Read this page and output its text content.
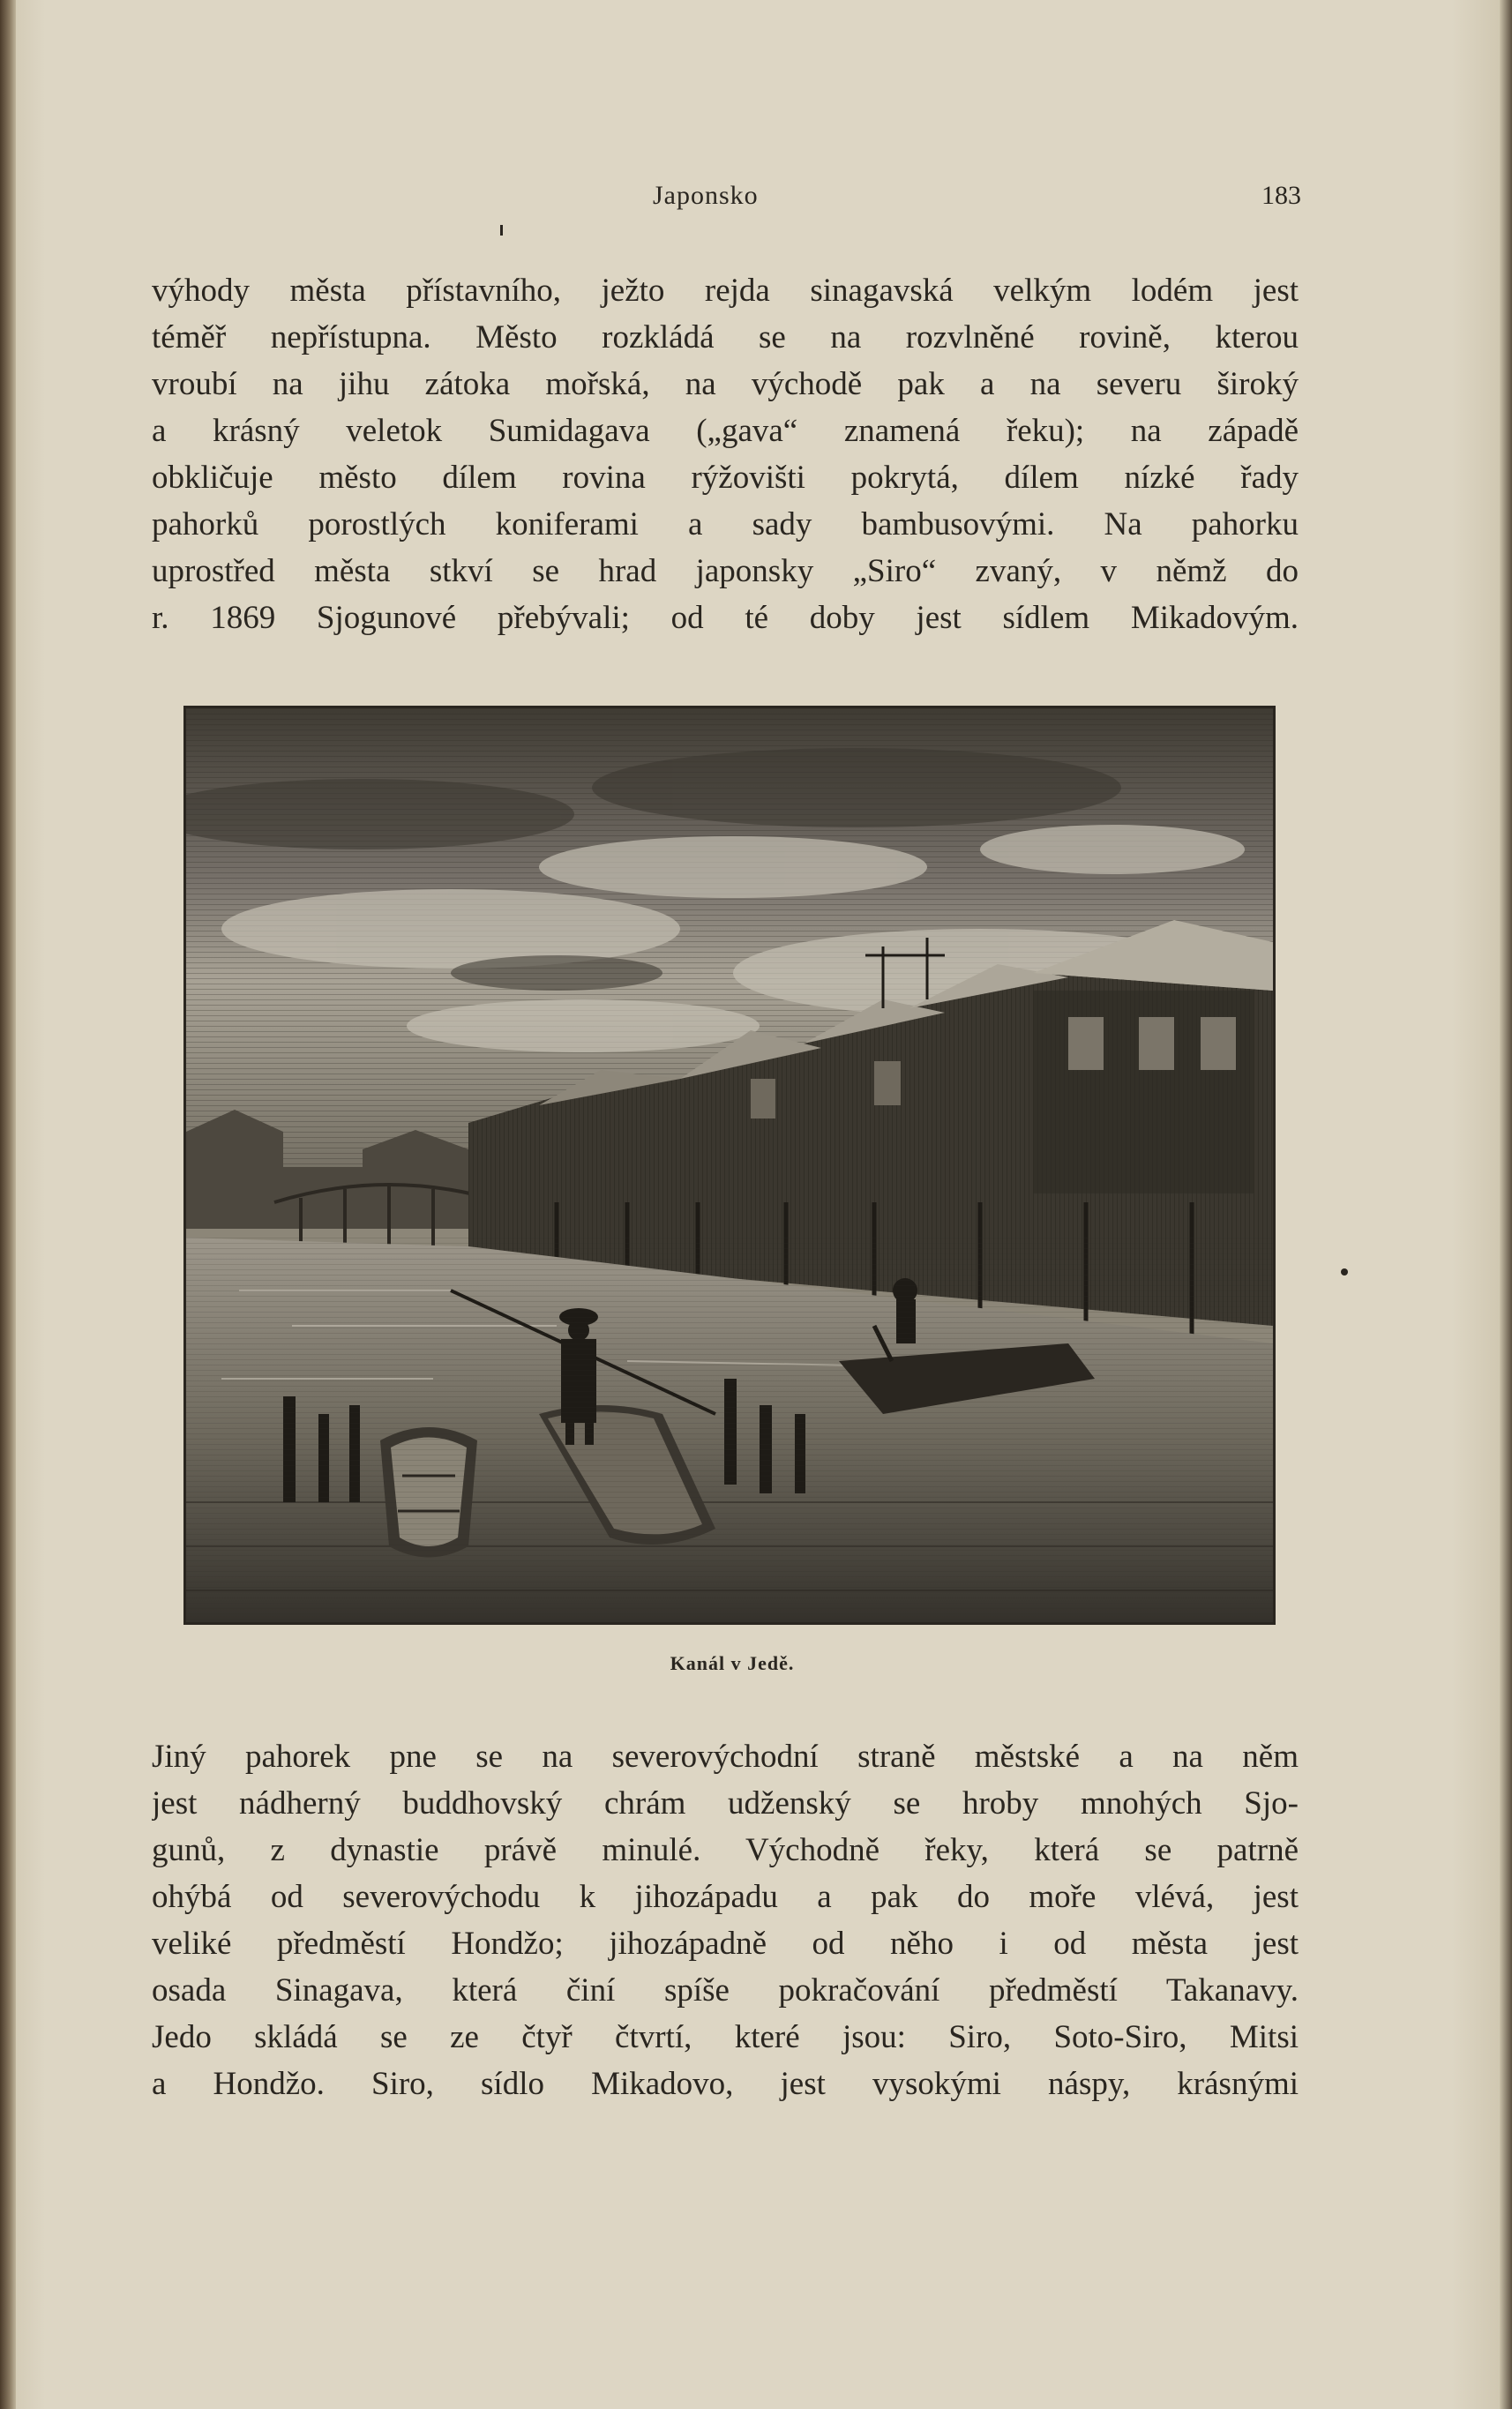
Japonsko	183
výhody města přístavního, ježto rejda sinagavská velkým lodém jest
téměř nepřístupna. Město rozkládá se na rozvlněné rovině, kterou
vroubí na jihu zátoka mořská, na východě pak a na severu široký
a krásný veletok Sumidagava („gava“ znamená řeku); na západě
obkličuje město dílem rovina rýžovišti pokrytá, dílem nízké řady
pahorků porostlých koniferami a sady bambusovými. Na pahorku
uprostřed města stkví se hrad japonsky „Siro“ zvaný, v němž do
r. 1869 Sjogunové přebývali; od té doby jest sídlem Mikadovým.
Kanál v Jedě.
Jiný pahorek pne se na severovýchodní straně městské a na něm
jest nádherný buddhovský chrám udženský se hroby mnohých Sjo-
gunů, z dynastie právě minulé. Východně řeky, která se patrně
ohýbá od severovýchodu k jihozápadu a pak do moře vlévá, jest
veliké předměstí Hondžo; jihozápadně od něho i od města jest
osada Sinagava, která činí spíše pokračování předměstí Takanavy.
Jedo skládá se ze čtyř čtvrtí, které jsou: Siro, Soto-Siro, Mitsi
a Hondžo. Siro, sídlo Mikadovo, jest vysokými náspy, krásnými
